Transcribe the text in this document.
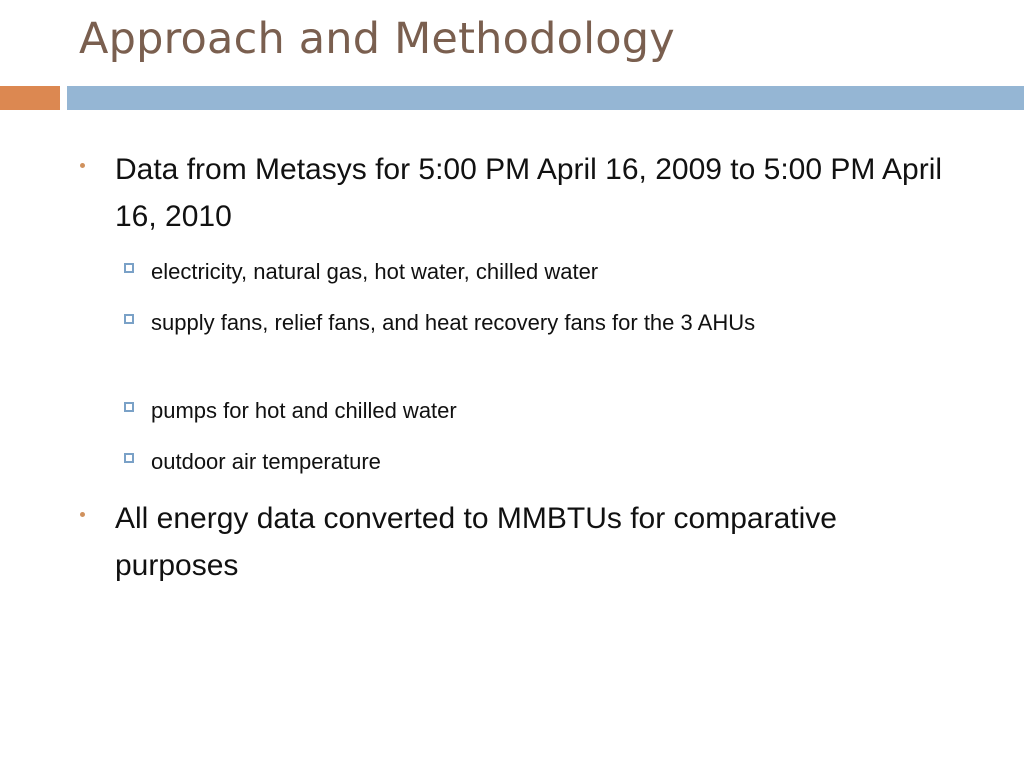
Approach and Methodology
Data from Metasys for 5:00 PM April 16, 2009 to 5:00 PM April 16, 2010
electricity, natural gas, hot water, chilled water
supply fans, relief fans, and heat recovery fans for the 3 AHUs
pumps for hot and chilled water
outdoor air temperature
All energy data converted to MMBTUs for comparative purposes
